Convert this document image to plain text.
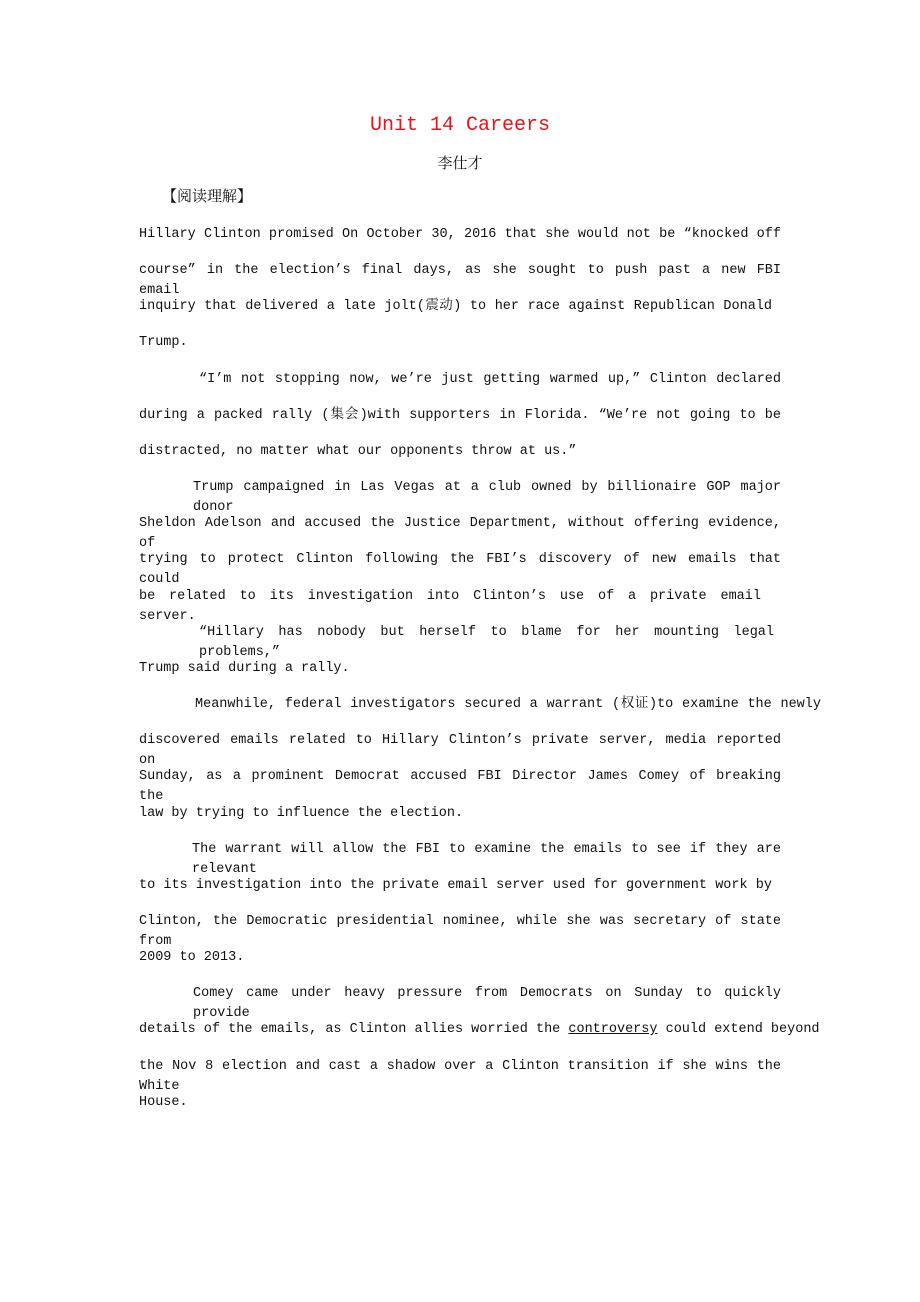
Unit 14 Careers
李仕才
【阅读理解】
Hillary Clinton promised On October 30, 2016 that she would not be “knocked off
course” in the election’s final days, as she sought to push past a new FBI email
inquiry that delivered a late jolt(震动) to her race against Republican Donald
Trump.
“I’m not stopping now, we’re just getting warmed up,” Clinton declared
during a packed rally (集会)with supporters in Florida. “We’re not going to be
distracted, no matter what our opponents throw at us.”
Trump campaigned in Las Vegas at a club owned by billionaire GOP major donor
Sheldon Adelson and accused the Justice Department, without offering evidence, of
trying to protect Clinton following the FBI’s discovery of new emails that could
be related to its investigation into Clinton’s use of a private email server.
“Hillary has nobody but herself to blame for her mounting legal problems,”
Trump said during a rally.
Meanwhile, federal investigators secured a warrant (权证)to examine the newly
discovered emails related to Hillary Clinton’s private server, media reported on
Sunday, as a prominent Democrat accused FBI Director James Comey of breaking the
law by trying to influence the election.
The warrant will allow the FBI to examine the emails to see if they are relevant
to its investigation into the private email server used for government work by
Clinton, the Democratic presidential nominee, while she was secretary of state from
2009 to 2013.
Comey came under heavy pressure from Democrats on Sunday to quickly provide
details of the emails, as Clinton allies worried the controversy could extend beyond
the Nov 8 election and cast a shadow over a Clinton transition if she wins the White
House.
